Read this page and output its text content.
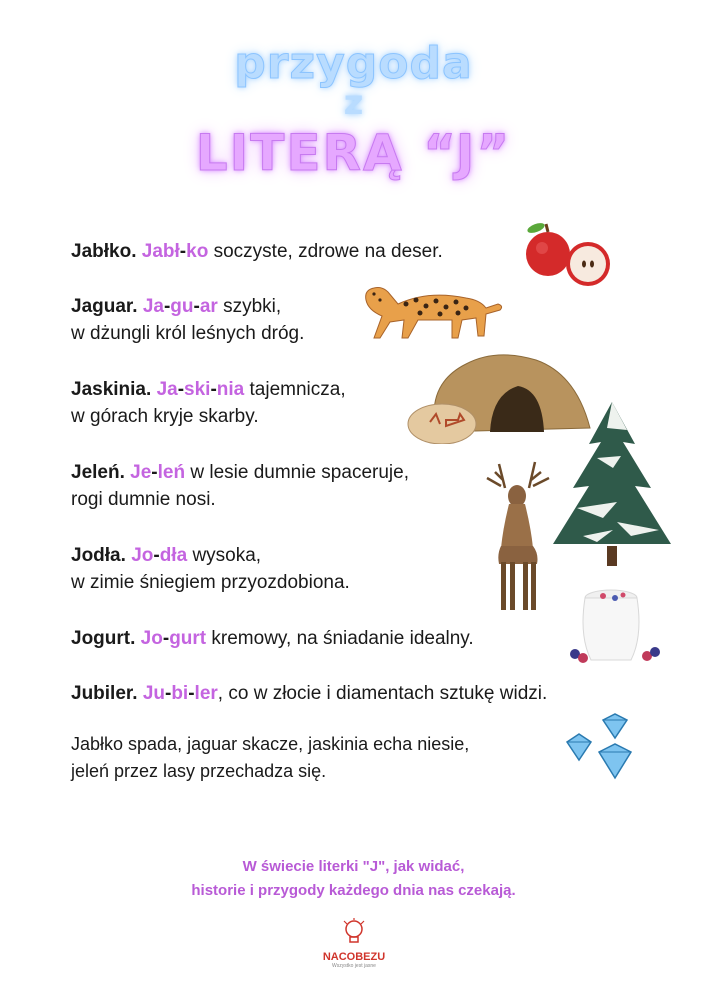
przygoda
z
LITERĄ “J”
Jabłko. Jabł-ko soczyste, zdrowe na deser.
Jaguar. Ja-gu-ar szybki,
w dżungli król leśnych dróg.
Jaskinia. Ja-ski-nia tajemnicza,
w górach kryje skarby.
Jeleń. Je-leń w lesie dumnie spaceruje,
rogi dumnie nosi.
Jodła. Jo-dła wysoka,
w zimie śniegiem przyozdobiona.
Jogurt. Jo-gurt kremowy, na śniadanie idealny.
Jubiler. Ju-bi-ler, co w złocie i diamentach sztukę widzi.
Jabłko spada, jaguar skacze, jaskinia echa niesie,
jeleń przez lasy przechadza się.
W świecie literki "J", jak widać,
historie i przygody każdego dnia nas czekają.
NACOBEZU
Wszystko jest jasne
